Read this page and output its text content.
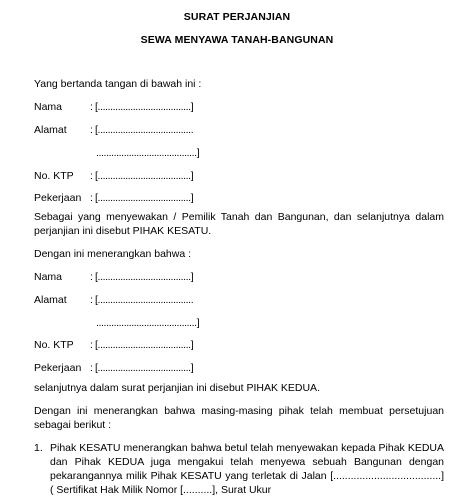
SURAT PERJANJIAN
SEWA MENYAWA TANAH-BANGUNAN
Yang bertanda tangan di bawah ini :
Nama	: [.....................................]
Alamat : [......................................
........................................]
No. KTP : [.....................................]
Pekerjaan : [.....................................]
Sebagai yang menyewakan / Pemilik Tanah dan Bangunan, dan selanjutnya dalam perjanjian ini disebut PIHAK KESATU.
Dengan ini menerangkan bahwa :
Nama	: [.....................................]
Alamat : [......................................
........................................]
No. KTP : [.....................................]
Pekerjaan : [.....................................]
selanjutnya dalam surat perjanjian ini disebut PIHAK KEDUA.
Dengan ini menerangkan bahwa masing-masing pihak telah membuat persetujuan sebagai berikut :
1. Pihak KESATU menerangkan bahwa betul telah menyewakan kepada Pihak KEDUA dan Pihak KEDUA juga mengakui telah menyewa sebuah Bangunan dengan pekarangannya milik Pihak KESATU yang terletak di Jalan [.....................................] ( Sertifikat Hak Milik Nomor [..........], Surat Ukur
